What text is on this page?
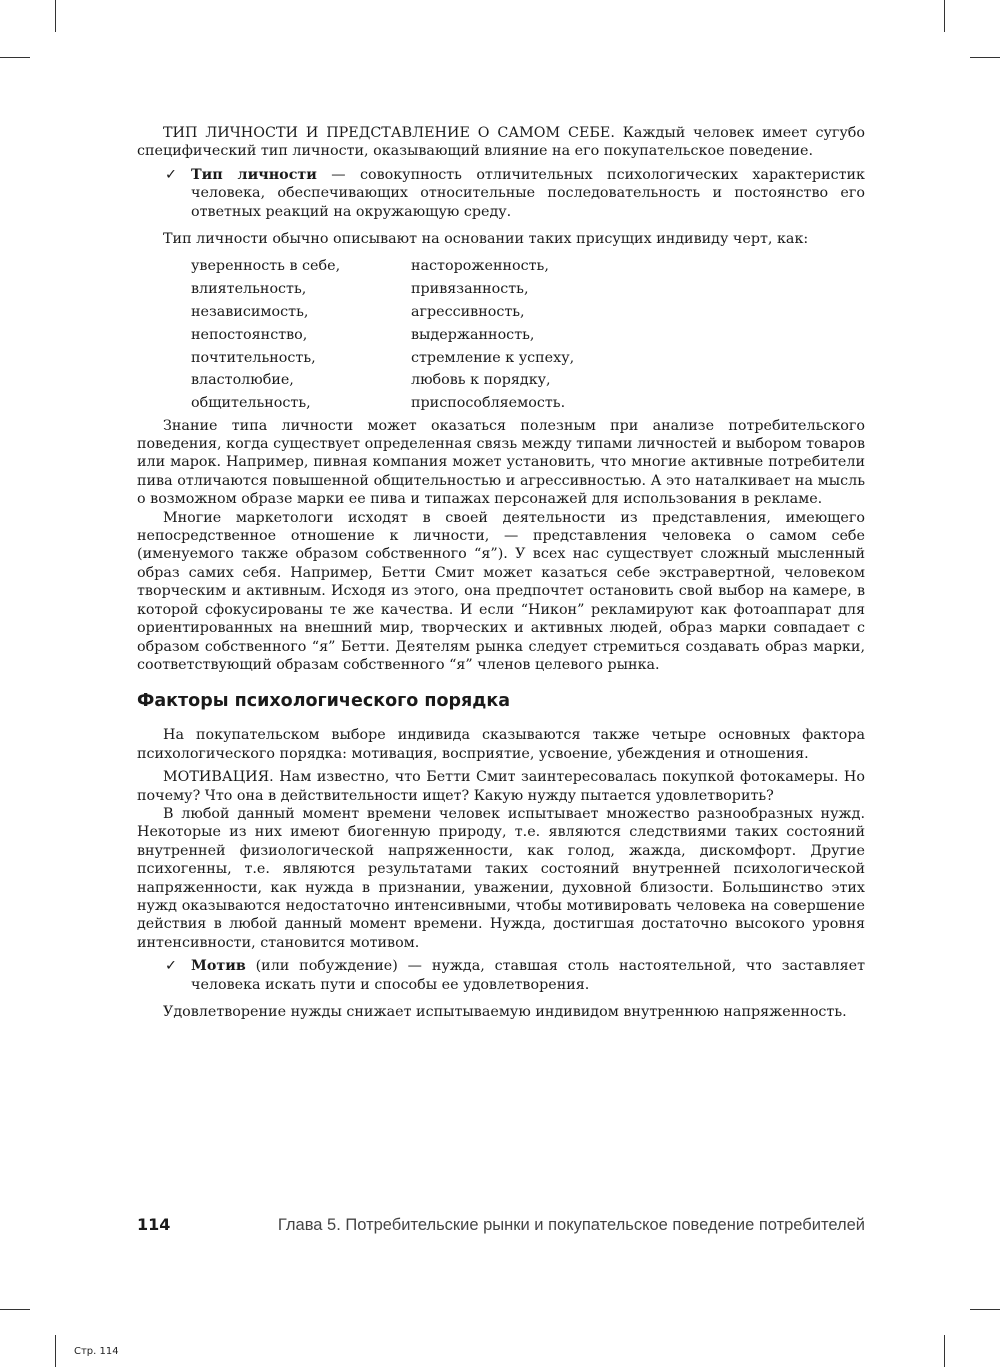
ТИП ЛИЧНОСТИ И ПРЕДСТАВЛЕНИЕ О САМОМ СЕБЕ. Каждый человек имеет сугубо специфический тип личности, оказывающий влияние на его покупательское поведение.

✓ Тип личности — совокупность отличительных психологических характеристик человека, обеспечивающих относительные последовательность и постоянство его ответных реакций на окружающую среду.

Тип личности обычно описывают на основании таких присущих индивиду черт, как:

уверенность в себе,	настороженность,
влиятельность,	привязанность,
независимость,	агрессивность,
непостоянство,	выдержанность,
почтительность,	стремление к успеху,
властолюбие,	любовь к порядку,
общительность,	приспособляемость.

Знание типа личности может оказаться полезным при анализе потребительского поведения, когда существует определенная связь между типами личностей и выбором товаров или марок. Например, пивная компания может установить, что многие активные потребители пива отличаются повышенной общительностью и агрессивностью. А это наталкивает на мысль о возможном образе марки ее пива и типажах персонажей для использования в рекламе.

Многие маркетологи исходят в своей деятельности из представления, имеющего непосредственное отношение к личности, — представления человека о самом себе (именуемого также образом собственного “я”). У всех нас существует сложный мысленный образ самих себя. Например, Бетти Смит может казаться себе экстравертной, человеком творческим и активным. Исходя из этого, она предпочтет остановить свой выбор на камере, в которой сфокусированы те же качества. И если “Никон” рекламируют как фотоаппарат для ориентированных на внешний мир, творческих и активных людей, образ марки совпадает с образом собственного “я” Бетти. Деятелям рынка следует стремиться создавать образ марки, соответствующий образам собственного “я” членов целевого рынка.

Факторы психологического порядка

На покупательском выборе индивида сказываются также четыре основных фактора психологического порядка: мотивация, восприятие, усвоение, убеждения и отношения.

МОТИВАЦИЯ. Нам известно, что Бетти Смит заинтересовалась покупкой фотокамеры. Но почему? Что она в действительности ищет? Какую нужду пытается удовлетворить?

В любой данный момент времени человек испытывает множество разнообразных нужд. Некоторые из них имеют биогенную природу, т.е. являются следствиями таких состояний внутренней физиологической напряженности, как голод, жажда, дискомфорт. Другие психогенны, т.е. являются результатами таких состояний внутренней психологической напряженности, как нужда в признании, уважении, духовной близости. Большинство этих нужд оказываются недостаточно интенсивными, чтобы мотивировать человека на совершение действия в любой данный момент времени. Нужда, достигшая достаточно высокого уровня интенсивности, становится мотивом.

✓ Мотив (или побуждение) — нужда, ставшая столь настоятельной, что заставляет человека искать пути и способы ее удовлетворения.

Удовлетворение нужды снижает испытываемую индивидом внутреннюю напряженность.

114	Глава 5. Потребительские рынки и покупательское поведение потребителей
Стр. 114
